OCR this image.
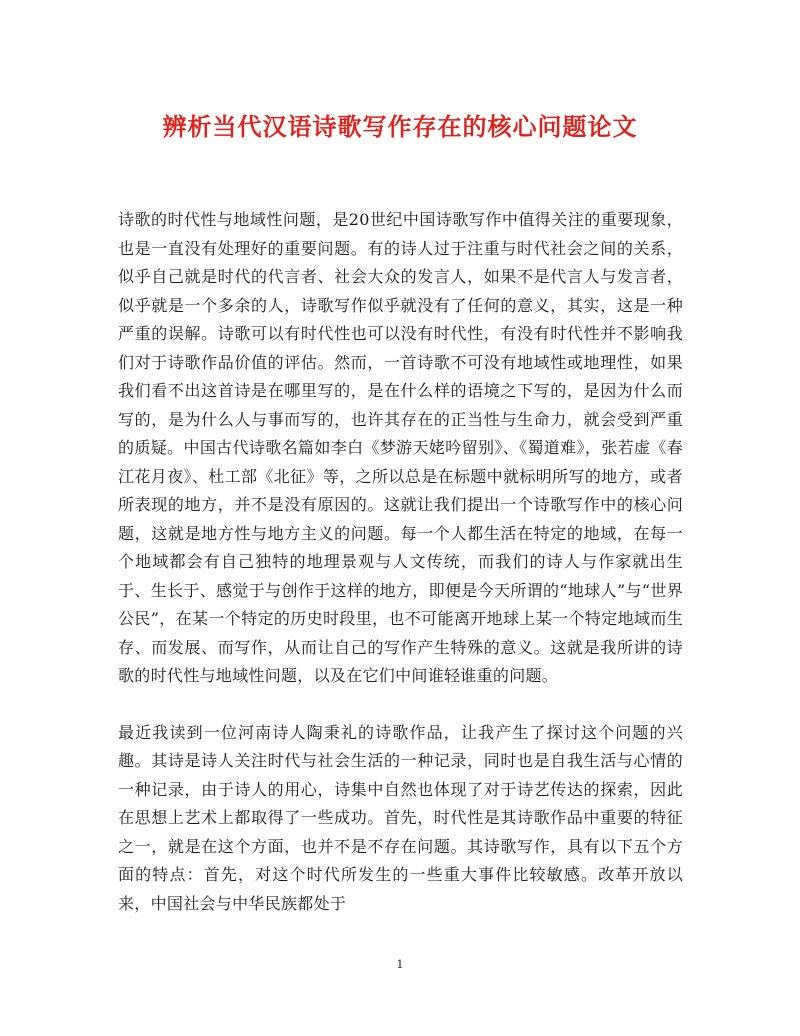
辨析当代汉语诗歌写作存在的核心问题论文

诗歌的时代性与地域性问题，是20世纪中国诗歌写作中值得关注的重要现象，也是一直没有处理好的重要问题。有的诗人过于注重与时代社会之间的关系，似乎自己就是时代的代言者、社会大众的发言人，如果不是代言人与发言者，似乎就是一个多余的人，诗歌写作似乎就没有了任何的意义，其实，这是一种严重的误解。诗歌可以有时代性也可以没有时代性，有没有时代性并不影响我们对于诗歌作品价值的评估。然而，一首诗歌不可没有地域性或地理性，如果我们看不出这首诗是在哪里写的，是在什么样的语境之下写的，是因为什么而写的，是为什么人与事而写的，也许其存在的正当性与生命力，就会受到严重的质疑。中国古代诗歌名篇如李白《梦游天姥吟留别》、《蜀道难》，张若虚《春江花月夜》、杜工部《北征》等，之所以总是在标题中就标明所写的地方，或者所表现的地方，并不是没有原因的。这就让我们提出一个诗歌写作中的核心问题，这就是地方性与地方主义的问题。每一个人都生活在特定的地域，在每一个地域都会有自己独特的地理景观与人文传统，而我们的诗人与作家就出生于、生长于、感觉于与创作于这样的地方，即便是今天所谓的“地球人”与“世界公民”，在某一个特定的历史时段里，也不可能离开地球上某一个特定地域而生存、而发展、而写作，从而让自己的写作产生特殊的意义。这就是我所讲的诗歌的时代性与地域性问题，以及在它们中间谁轻谁重的问题。

最近我读到一位河南诗人陶秉礼的诗歌作品，让我产生了探讨这个问题的兴趣。其诗是诗人关注时代与社会生活的一种记录，同时也是自我生活与心情的一种记录，由于诗人的用心，诗集中自然也体现了对于诗艺传达的探索，因此在思想上艺术上都取得了一些成功。首先，时代性是其诗歌作品中重要的特征之一，就是在这个方面，也并不是不存在问题。其诗歌写作，具有以下五个方面的特点：首先，对这个时代所发生的一些重大事件比较敏感。改革开放以来，中国社会与中华民族都处于

1
